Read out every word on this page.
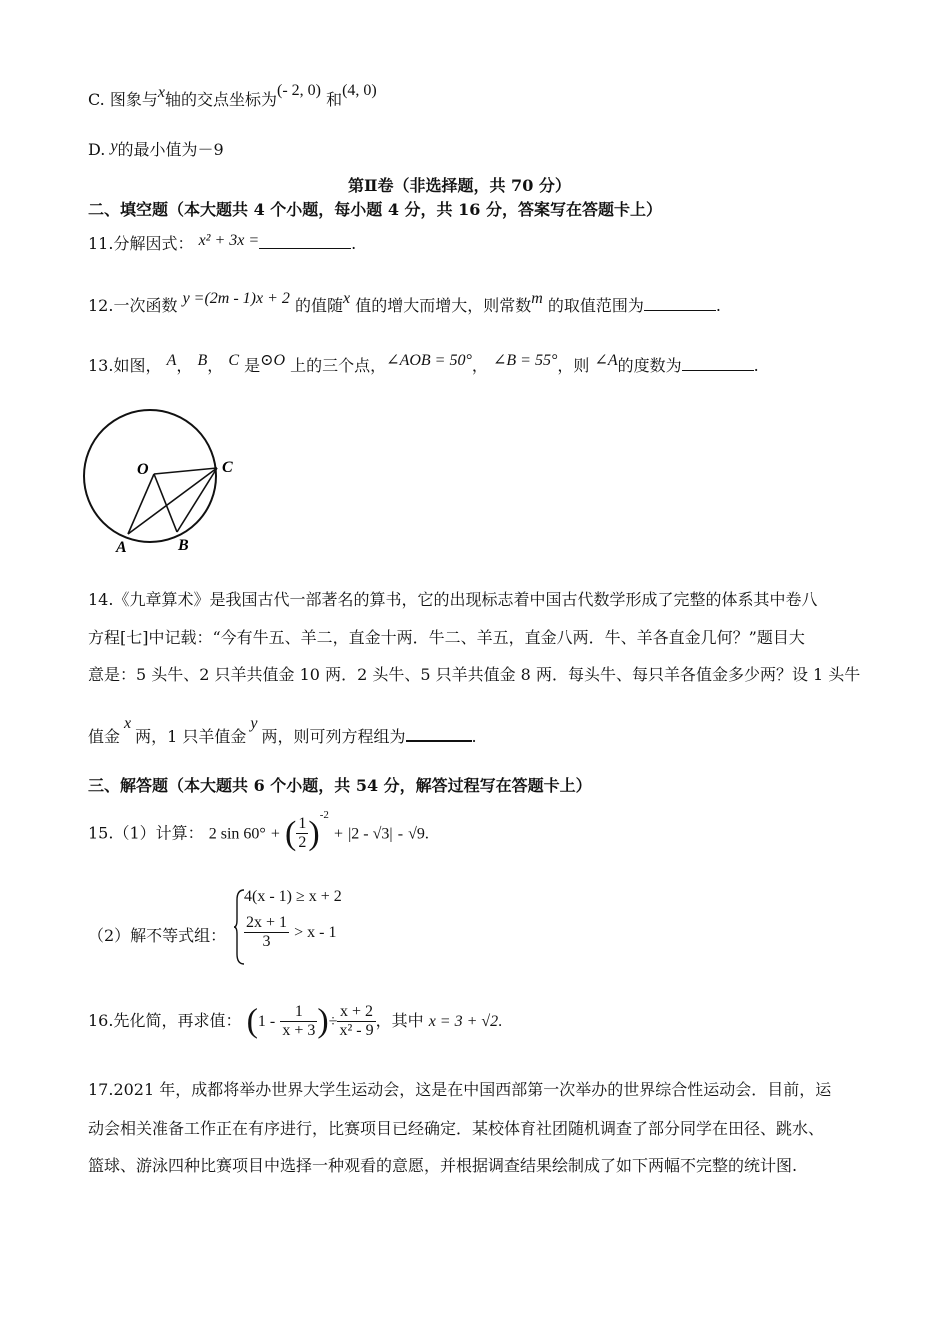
C. 图象与x轴的交点坐标为(- 2, 0) 和(4, 0)
D. y的最小值为－9
第Ⅱ卷（非选择题，共 70 分）
二、填空题（本大题共 4 个小题，每小题 4 分，共 16 分，答案写在答题卡上）
11.分解因式： x² + 3x =	.
12.一次函数 y =(2m - 1)x + 2 的值随x 值的增大而增大，则常数m 的取值范围为	.
13.如图， A， B， C 是⊙O 上的三个点，∠AOB = 50°， ∠B = 55°，则 ∠A的度数为	.
O	C
A	B
14.《九章算术》是我国古代一部著名的算书，它的出现标志着中国古代数学形成了完整的体系其中卷八
方程[七]中记载：“今有牛五、羊二，直金十两．牛二、羊五，直金八两．牛、羊各直金几何？”题目大
意是：5 头牛、2 只羊共值金 10 两．2 头牛、5 只羊共值金 8 两．每头牛、每只羊各值金多少两？设 1 头牛
值金x两，1 只羊值金y两，则可列方程组为	.
三、解答题（本大题共 6 个小题，共 54 分，解答过程写在答题卡上）
15.（1）计算： 2 sin 60° + ( $\frac{1}{2} )^{-2} + |2 - √3| - √9$.
（2）解不等式组：
4(x - 1) ≥ x + 2
$\frac{2x + 1}{3} > x - 1$
16.先化简，再求值： ($1 - \frac{1}{x + 3}$ )÷ $\frac{x + 2}{\text{x² - 9}}$ ，其中 x = 3 + √2.
17.2021 年，成都将举办世界大学生运动会，这是在中国西部第一次举办的世界综合性运动会．目前，运
动会相关准备工作正在有序进行，比赛项目已经确定．某校体育社团随机调查了部分同学在田径、跳水、
篮球、游泳四种比赛项目中选择一种观看的意愿，并根据调查结果绘制成了如下两幅不完整的统计图.
